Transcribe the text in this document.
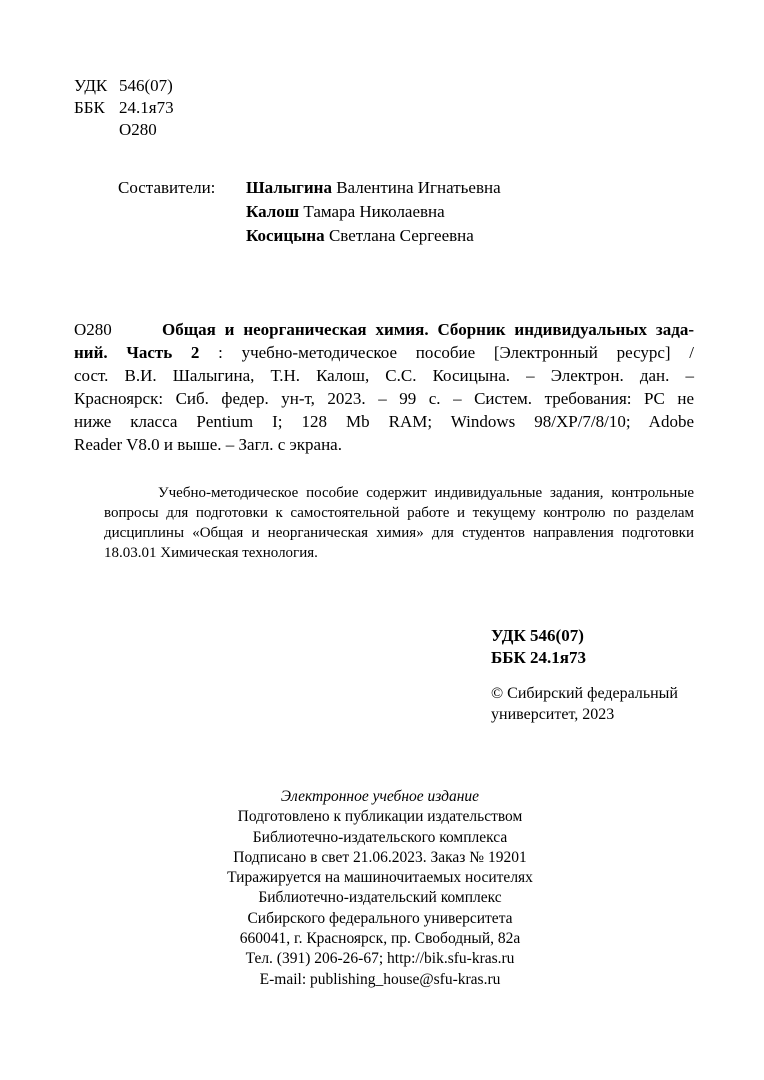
УДК 546(07)
ББК 24.1я73
О280
Составители: Шалыгина Валентина Игнатьевна
Калош Тамара Николаевна
Косицына Светлана Сергеевна
О280	Общая и неорганическая химия. Сборник индивидуальных зада-
ний. Часть 2 : учебно-методическое пособие [Электронный ресурс] /
сост. В.И. Шалыгина, Т.Н. Калош, С.С. Косицына. – Электрон. дан. –
Красноярск: Сиб. федер. ун-т, 2023. – 99 с. – Систем. требования: PC не
ниже класса Pentium I; 128 Mb RAM; Windows 98/XP/7/8/10; Adobe
Reader V8.0 и выше. – Загл. с экрана.
Учебно-методическое пособие содержит индивидуальные задания, контрольные
вопросы для подготовки к самостоятельной работе и текущему контролю по разделам
дисциплины «Общая и неорганическая химия» для студентов направления подготовки
18.03.01 Химическая технология.
УДК 546(07)
ББК 24.1я73
© Сибирский федеральный
университет, 2023
Электронное учебное издание
Подготовлено к публикации издательством
Библиотечно-издательского комплекса
Подписано в свет 21.06.2023. Заказ № 19201
Тиражируется на машиночитаемых носителях
Библиотечно-издательский комплекс
Сибирского федерального университета
660041, г. Красноярск, пр. Свободный, 82а
Тел. (391) 206-26-67; http://bik.sfu-kras.ru
E-mail: publishing_house@sfu-kras.ru
